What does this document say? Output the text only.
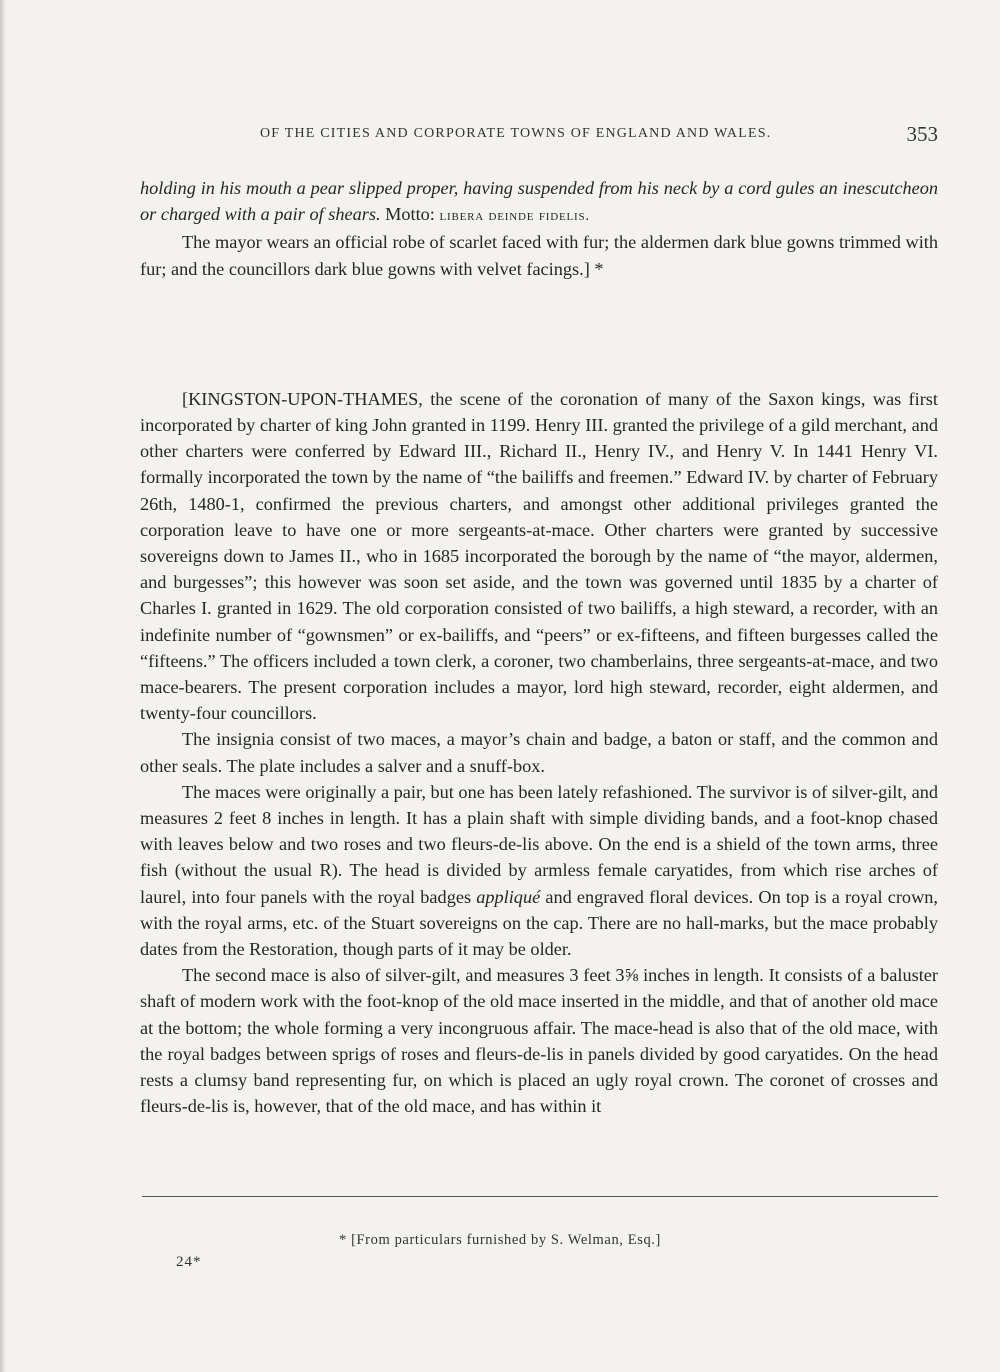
OF THE CITIES AND CORPORATE TOWNS OF ENGLAND AND WALES.	353

holding in his mouth a pear slipped proper, having suspended from his neck by a cord gules an inescutcheon or charged with a pair of shears. Motto: libera deinde fidelis.

The mayor wears an official robe of scarlet faced with fur; the aldermen dark blue gowns trimmed with fur; and the councillors dark blue gowns with velvet facings.] *

[KINGSTON-UPON-THAMES, the scene of the coronation of many of the Saxon kings, was first incorporated by charter of king John granted in 1199. Henry III. granted the privilege of a gild merchant, and other charters were conferred by Edward III., Richard II., Henry IV., and Henry V. In 1441 Henry VI. formally incorporated the town by the name of “the bailiffs and freemen.” Edward IV. by charter of February 26th, 1480-1, confirmed the previous charters, and amongst other additional privileges granted the corporation leave to have one or more sergeants-at-mace. Other charters were granted by successive sovereigns down to James II., who in 1685 incorporated the borough by the name of “the mayor, aldermen, and burgesses”; this however was soon set aside, and the town was governed until 1835 by a charter of Charles I. granted in 1629. The old corporation consisted of two bailiffs, a high steward, a recorder, with an indefinite number of “gownsmen” or ex-bailiffs, and “peers” or ex-fifteens, and fifteen burgesses called the “fifteens.” The officers included a town clerk, a coroner, two chamberlains, three sergeants-at-mace, and two mace-bearers. The present corporation includes a mayor, lord high steward, recorder, eight aldermen, and twenty-four councillors.

The insignia consist of two maces, a mayor’s chain and badge, a baton or staff, and the common and other seals. The plate includes a salver and a snuff-box.

The maces were originally a pair, but one has been lately refashioned. The survivor is of silver-gilt, and measures 2 feet 8 inches in length. It has a plain shaft with simple dividing bands, and a foot-knop chased with leaves below and two roses and two fleurs-de-lis above. On the end is a shield of the town arms, three fish (without the usual R). The head is divided by armless female caryatides, from which rise arches of laurel, into four panels with the royal badges appliqué and engraved floral devices. On top is a royal crown, with the royal arms, etc. of the Stuart sovereigns on the cap. There are no hall-marks, but the mace probably dates from the Restoration, though parts of it may be older.

The second mace is also of silver-gilt, and measures 3 feet 3⅝ inches in length. It consists of a baluster shaft of modern work with the foot-knop of the old mace inserted in the middle, and that of another old mace at the bottom; the whole forming a very incongruous affair. The mace-head is also that of the old mace, with the royal badges between sprigs of roses and fleurs-de-lis in panels divided by good caryatides. On the head rests a clumsy band representing fur, on which is placed an ugly royal crown. The coronet of crosses and fleurs-de-lis is, however, that of the old mace, and has within it

* [From particulars furnished by S. Welman, Esq.]
24*
